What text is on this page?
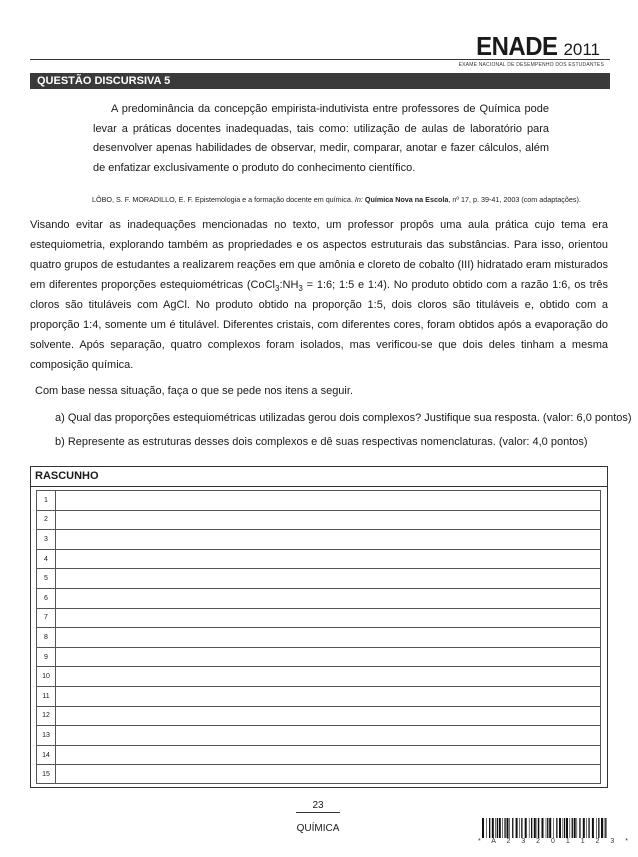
ENADE 2011
EXAME NACIONAL DE DESEMPENHO DOS ESTUDANTES
QUESTÃO DISCURSIVA 5
A predominância da concepção empirista-indutivista entre professores de Química pode levar a práticas docentes inadequadas, tais como: utilização de aulas de laboratório para desenvolver apenas habilidades de observar, medir, comparar, anotar e fazer cálculos, além de enfatizar exclusivamente o produto do conhecimento científico.
LÔBO, S. F. MORADILLO, E. F. Epistemologia e a formação docente em química. In: Química Nova na Escola, nº 17, p. 39-41, 2003 (com adaptações).
Visando evitar as inadequações mencionadas no texto, um professor propôs uma aula prática cujo tema era estequiometria, explorando também as propriedades e os aspectos estruturais das substâncias. Para isso, orientou quatro grupos de estudantes a realizarem reações em que amônia e cloreto de cobalto (III) hidratado eram misturados em diferentes proporções estequiométricas ($CoCl_3:NH_3$ = 1:6; 1:5 e 1:4). No produto obtido com a razão 1:6, os três cloros são tituláveis com AgCl. No produto obtido na proporção 1:5, dois cloros são tituláveis e, obtido com a proporção 1:4, somente um é titulável. Diferentes cristais, com diferentes cores, foram obtidos após a evaporação do solvente. Após separação, quatro complexos foram isolados, mas verificou-se que dois deles tinham a mesma composição química.
Com base nessa situação, faça o que se pede nos itens a seguir.
a) Qual das proporções estequiométricas utilizadas gerou dois complexos? Justifique sua resposta. (valor: 6,0 pontos)
b) Represente as estruturas desses dois complexos e dê suas respectivas nomenclaturas. (valor: 4,0 pontos)
RASCUNHO
1
2
3
4
5
6
7
8
9
10
11
12
13
14
15
23
QUÍMICA
* A 2 3 2 0 1 1 2 3 *
